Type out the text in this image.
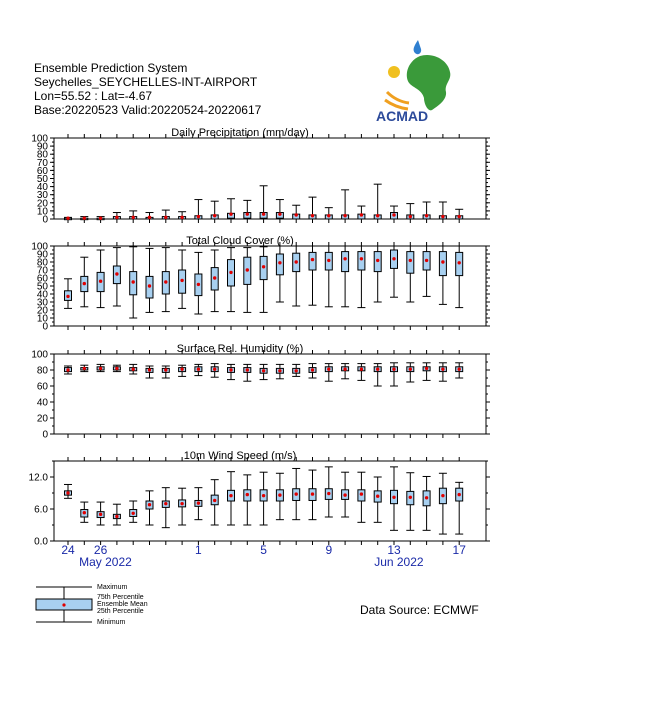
Ensemble Prediction System
Seychelles_SEYCHELLES-INT-AIRPORT
Lon=55.52 : Lat=-4.67
Base:20220523 Valid:20220524-20220617	ACMAD
0
10
20
30
40
50
60
70
80
90
100	Daily Precipitation (mm/day)
0
10
20
30
40
50
60
70
80
90
100	Total Cloud Cover (%)
0
20
40
60
80
100	Surface Rel. Humidity (%)
0.0
6.0
12.0
10m Wind Speed (m/s)
24 26	1	5	9	13	17
May 2022	Jun 2022
Maximum
75th Percentile
Ensemble Mean
25th Percentile
Minimum
Data Source: ECMWF
